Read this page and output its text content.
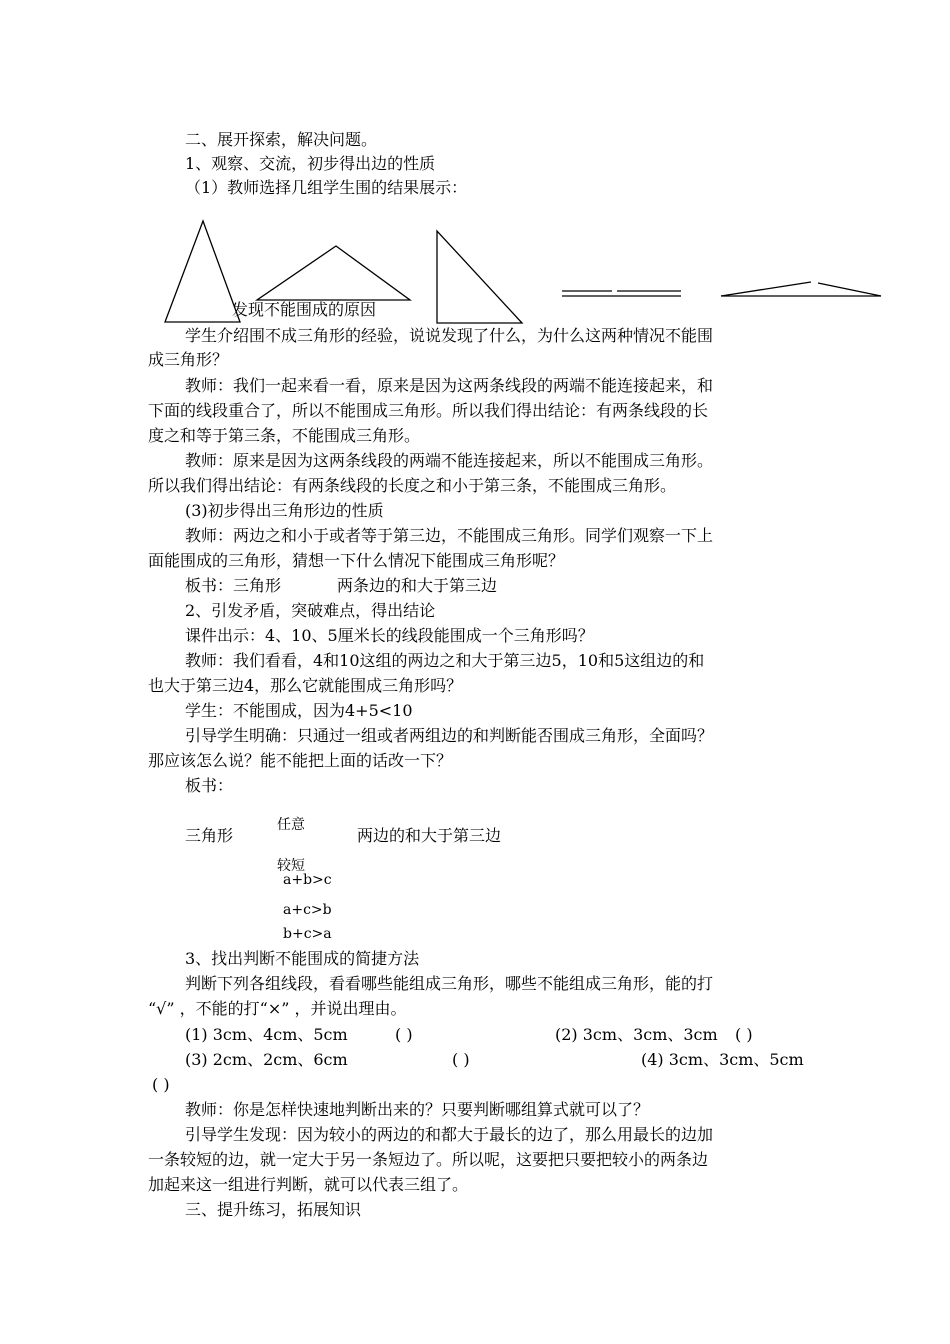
二、展开探索，解决问题。
1、观察、交流，初步得出边的性质
（1）教师选择几组学生围的结果展示：
发现不能围成的原因
学生介绍围不成三角形的经验，说说发现了什么，为什么这两种情况不能围
成三角形？
教师：我们一起来看一看，原来是因为这两条线段的两端不能连接起来，和
下面的线段重合了，所以不能围成三角形。所以我们得出结论：有两条线段的长
度之和等于第三条，不能围成三角形。
教师：原来是因为这两条线段的两端不能连接起来，所以不能围成三角形。
所以我们得出结论：有两条线段的长度之和小于第三条，不能围成三角形。
(3)初步得出三角形边的性质
教师：两边之和小于或者等于第三边，不能围成三角形。同学们观察一下上
面能围成的三角形，猜想一下什么情况下能围成三角形呢？
板书：三角形	两条边的和大于第三边
2、引发矛盾，突破难点，得出结论
课件出示：4、10、5厘米长的线段能围成一个三角形吗？
教师：我们看看，4和10这组的两边之和大于第三边5，10和5这组边的和
也大于第三边4，那么它就能围成三角形吗？
学生：不能围成，因为4+5<10
引导学生明确：只通过一组或者两组边的和判断能否围成三角形，全面吗？
那应该怎么说？能不能把上面的话改一下？
板书：
三角形
任意
两边的和大于第三边
较短
a+b>c
a+c>b
b+c>a
3、找出判断不能围成的简捷方法
判断下列各组线段，看看哪些能组成三角形，哪些不能组成三角形，能的打
“√” ，不能的打“×” ，并说出理由。
(1) 3cm、4cm、5cm	( )	(2) 3cm、3cm、3cm ( )
(3) 2cm、2cm、6cm	( )	(4) 3cm、3cm、5cm
( )
教师：你是怎样快速地判断出来的？只要判断哪组算式就可以了？
引导学生发现：因为较小的两边的和都大于最长的边了，那么用最长的边加
一条较短的边，就一定大于另一条短边了。所以呢，这要把只要把较小的两条边
加起来这一组进行判断，就可以代表三组了。
三、提升练习，拓展知识
